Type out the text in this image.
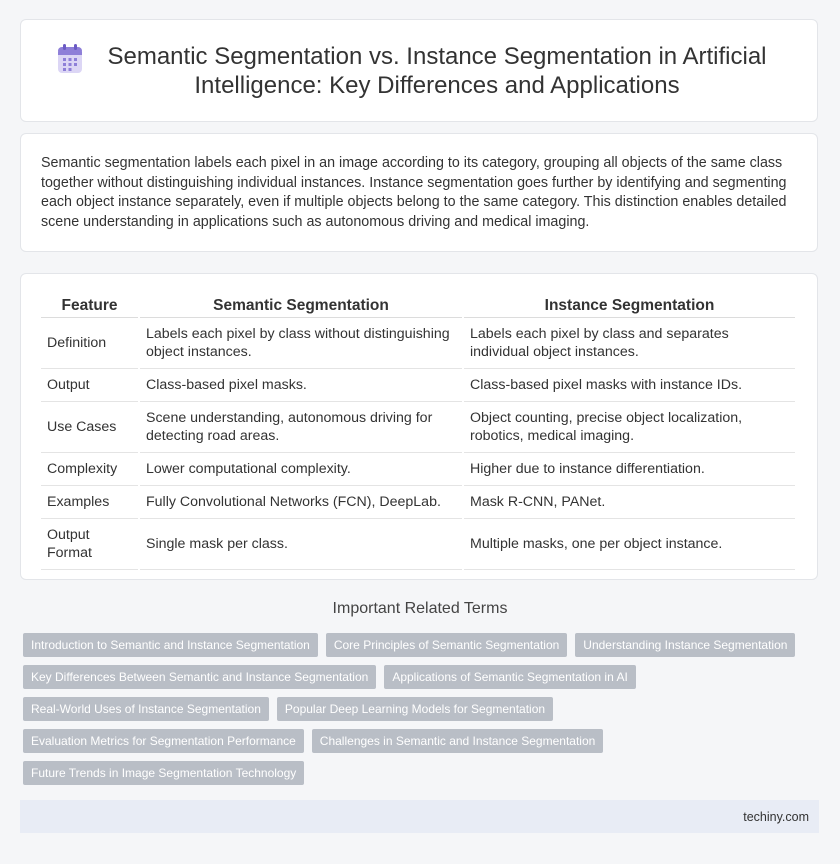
Semantic Segmentation vs. Instance Segmentation in Artificial Intelligence: Key Differences and Applications

Semantic segmentation labels each pixel in an image according to its category, grouping all objects of the same class together without distinguishing individual instances. Instance segmentation goes further by identifying and segmenting each object instance separately, even if multiple objects belong to the same category. This distinction enables detailed scene understanding in applications such as autonomous driving and medical imaging.

Feature	Semantic Segmentation	Instance Segmentation
Definition	Labels each pixel by class without distinguishing object instances.	Labels each pixel by class and separates individual object instances.
Output	Class-based pixel masks.	Class-based pixel masks with instance IDs.
Use Cases	Scene understanding, autonomous driving for detecting road areas.	Object counting, precise object localization, robotics, medical imaging.
Complexity	Lower computational complexity.	Higher due to instance differentiation.
Examples	Fully Convolutional Networks (FCN), DeepLab.	Mask R-CNN, PANet.
Output Format	Single mask per class.	Multiple masks, one per object instance.
Important Related Terms
Introduction to Semantic and Instance Segmentation	Core Principles of Semantic Segmentation	Understanding Instance Segmentation
Key Differences Between Semantic and Instance Segmentation	Applications of Semantic Segmentation in AI
Real-World Uses of Instance Segmentation	Popular Deep Learning Models for Segmentation
Evaluation Metrics for Segmentation Performance	Challenges in Semantic and Instance Segmentation
Future Trends in Image Segmentation Technology
techiny.com
